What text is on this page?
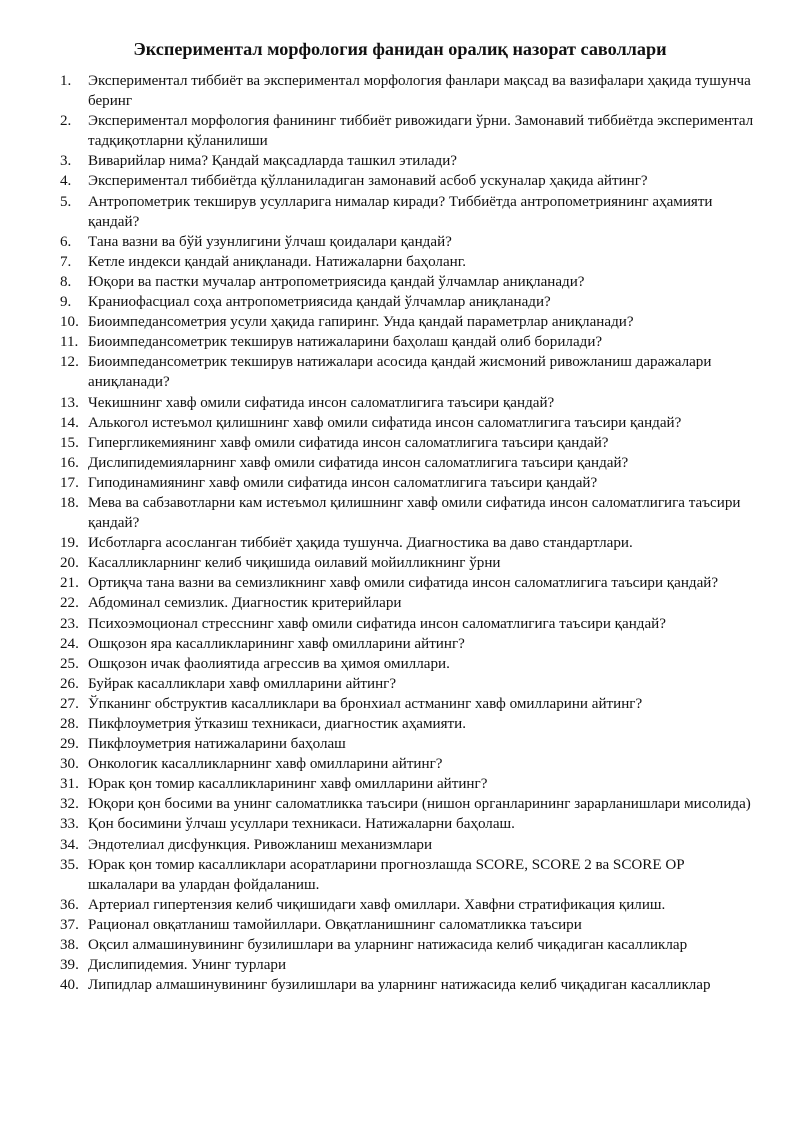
Экспериментал морфология фанидан оралиқ назорат саволлари
1. Экспериментал тиббиёт ва экспериментал морфология фанлари мақсад ва вазифалари ҳақида тушунча беринг
2. Экспериментал морфология фанининг тиббиёт ривожидаги ўрни. Замонавий тиббиётда экспериментал тадқиқотларни қўланилиши
3. Виварийлар нима? Қандай мақсадларда ташкил этилади?
4. Экспериментал тиббиётда қўлланиладиган замонавий асбоб ускуналар ҳақида айтинг?
5. Антропометрик текширув усулларига нималар киради? Тиббиётда антропометриянинг аҳамияти қандай?
6. Тана вазни ва бўй узунлигини ўлчаш қоидалари қандай?
7. Кетле индекси қандай аниқланади. Натижаларни баҳоланг.
8. Юқори ва пастки мучалар антропометриясида қандай ўлчамлар аниқланади?
9. Краниофасциал соҳа антропометриясида қандай ўлчамлар аниқланади?
10. Биоимпедансометрия усули ҳақида гапиринг. Унда қандай параметрлар аниқланади?
11. Биоимпедансометрик текширув натижаларини баҳолаш қандай олиб борилади?
12. Биоимпедансометрик текширув натижалари асосида қандай жисмоний ривожланиш даражалари аниқланади?
13. Чекишнинг хавф омили сифатида инсон саломатлигига таъсири қандай?
14. Алькогол истеъмол қилишнинг хавф омили сифатида инсон саломатлигига таъсири қандай?
15. Гипергликемиянинг хавф омили сифатида инсон саломатлигига таъсири қандай?
16. Дислипидемияларнинг хавф омили сифатида инсон саломатлигига таъсири қандай?
17. Гиподинамиянинг хавф омили сифатида инсон саломатлигига таъсири қандай?
18. Мева ва сабзавотларни кам истеъмол қилишнинг хавф омили сифатида инсон саломатлигига таъсири қандай?
19. Исботларга асосланган тиббиёт ҳақида тушунча. Диагностика ва даво стандартлари.
20. Касалликларнинг келиб чиқишида оилавий мойилликнинг ўрни
21. Ортиқча тана вазни ва семизликнинг хавф омили сифатида инсон саломатлигига таъсири қандай?
22. Абдоминал семизлик. Диагностик критерийлари
23. Психоэмоционал стресснинг хавф омили сифатида инсон саломатлигига таъсири қандай?
24. Ошқозон яра касалликларининг хавф омилларини айтинг?
25. Ошқозон ичак фаолиятида агрессив ва ҳимоя омиллари.
26. Буйрак касалликлари хавф омилларини айтинг?
27. Ўпканинг обструктив касалликлари ва бронхиал астманинг хавф омилларини айтинг?
28. Пикфлоуметрия ўтказиш техникаси, диагностик аҳамияти.
29. Пикфлоуметрия натижаларини баҳолаш
30. Онкологик касалликларнинг хавф омилларини айтинг?
31. Юрак қон томир касалликларининг хавф омилларини айтинг?
32. Юқори қон босими ва унинг саломатликка таъсири (нишон органларининг зарарланишлари мисолида)
33. Қон босимини ўлчаш усуллари техникаси. Натижаларни баҳолаш.
34. Эндотелиал дисфункция. Ривожланиш механизмлари
35. Юрак қон томир касалликлари асоратларини прогнозлашда SCORE, SCORE 2 ва SCORE OP шкалалари ва улардан фойдаланиш.
36. Артериал гипертензия келиб чиқишидаги хавф омиллари. Хавфни стратификация қилиш.
37. Рационал овқатланиш тамойиллари. Овқатланишнинг саломатликка таъсири
38. Оқсил алмашинувининг бузилишлари ва уларнинг натижасида келиб чиқадиган касалликлар
39. Дислипидемия. Унинг турлари
40. Липидлар алмашинувининг бузилишлари ва уларнинг натижасида келиб чиқадиган касалликлар
